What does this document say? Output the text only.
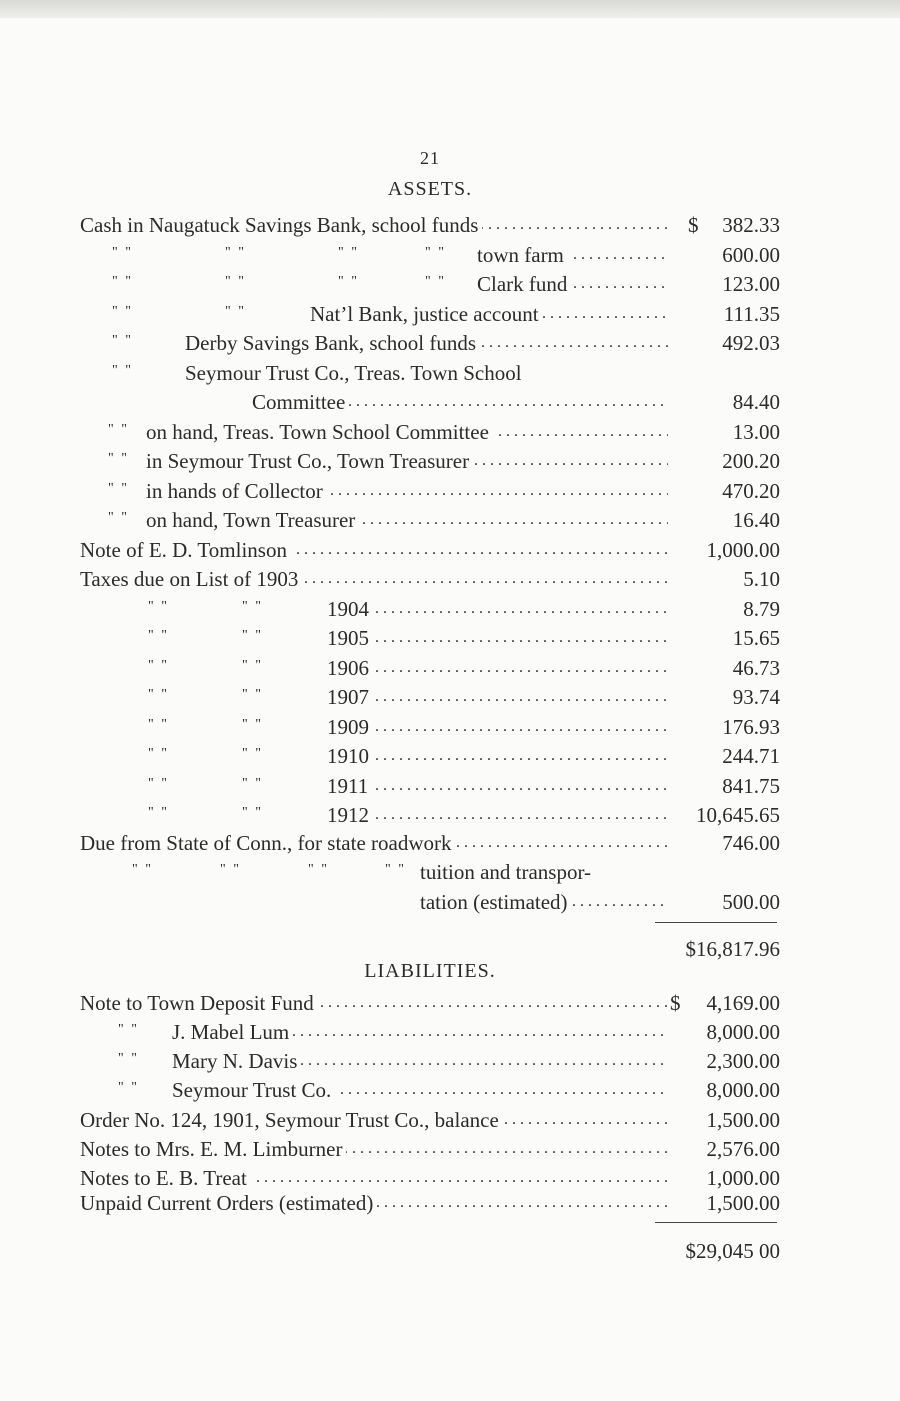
21
ASSETS.
Cash in Naugatuck Savings Bank, school funds . . .	$ 382.33
" "	" "	" "	" " town farm . . .	600.00
" "	" "	" "	" " Clark fund . . .	123.00
" "	" "	Nat’l Bank, justice account . . .	111.35
" " Derby Savings Bank, school funds . . .	492.03
" " Seymour Trust Co., Treas. Town School
Committee . . .	84.40
" " on hand, Treas. Town School Committee . . .	13.00
" " in Seymour Trust Co., Town Treasurer . . .	200.20
" " in hands of Collector . . .	470.20
" " on hand, Town Treasurer . . .	16.40
Note of E. D. Tomlinson . . .	1,000.00
Taxes due on List of 1903 . . .	5.10
" "	" "	1904 . . .	8.79
" "	" "	1905 . . .	15.65
" "	" "	1906 . . .	46.73
" "	" "	1907 . . .	93.74
" "	" "	1909 . . .	176.93
" "	" "	1910 . . .	244.71
" "	" "	1911 . . .	841.75
" "	" "	1912 . . .	10,645.65
Due from State of Conn., for state roadwork . . .	746.00
" "	" "	" "	" " tuition and transpor-
tation (estimated) . . .	500.00
$16,817.96
LIABILITIES.
Note to Town Deposit Fund . . .	$ 4,169.00
" " J. Mabel Lum . . .	8,000.00
" " Mary N. Davis . . .	2,300.00
" " Seymour Trust Co. . . .	8,000.00
Order No. 124, 1901, Seymour Trust Co., balance . . .	1,500.00
Notes to Mrs. E. M. Limburner . . .	2,576.00
Notes to E. B. Treat . . .	1,000.00
Unpaid Current Orders (estimated) . . .	1,500.00
$29,045 00
